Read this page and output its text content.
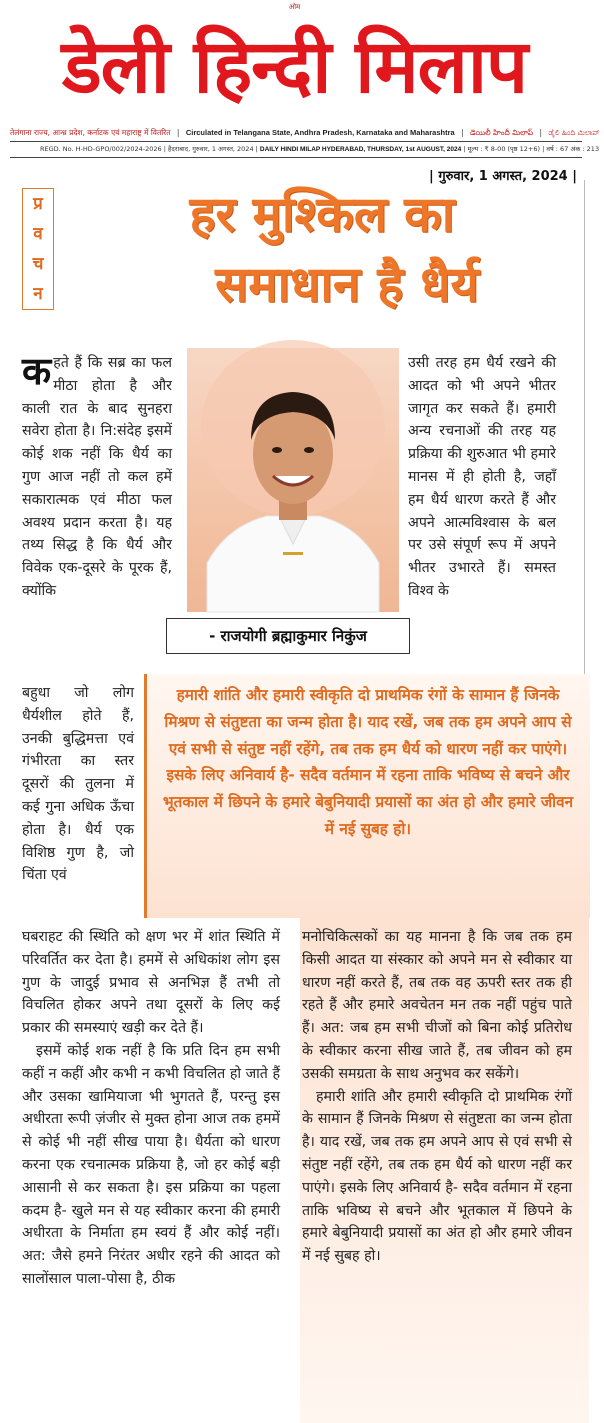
ओम
डेली हिन्दी मिलाप
तेलंगाना राज्य, आन्ध्र प्रदेश, कर्नाटक एवं महाराष्ट्र में वितरित | Circulated in Telangana State, Andhra Pradesh, Karnataka and Maharashtra | డెయిలీ హిందీ మిలాప్ | ಡೈಲಿ ಹಿಂದಿ ಮಿಲಾಪ್
REGD. No. H-HD-GPO/002/2024-2026 | हैदराबाद, गुरुवार, 1 अगस्त, 2024 | DAILY HINDI MILAP HYDERABAD, THURSDAY, 1st AUGUST, 2024 | मूल्य : ₹ 8-00 (पृष्ठ 12+6) | वर्ष : 67 अंक : 213
| गुरुवार, 1 अगस्त, 2024 |
प्र
व
च
न
हर मुश्किल का
समाधान है धैर्य

कहते हैं कि सब्र का फल मीठा होता है और काली रात के बाद सुनहरा सवेरा होता है। नि:संदेह इसमें कोई शक नहीं कि धैर्य का गुण आज नहीं तो कल हमें सकारात्मक एवं मीठा फल अवश्य प्रदान करता है। यह तथ्य सिद्ध है कि धैर्य और विवेक एक-दूसरे के पूरक हैं, क्योंकि

बहुधा जो लोग धैर्यशील होते हैं, उनकी बुद्धिमत्ता एवं गंभीरता का स्तर दूसरों की तुलना में कई गुना अधिक ऊँचा होता है। धैर्य एक विशिष्ठ गुण है, जो चिंता एवं

- राजयोगी ब्रह्माकुमार निकुंज

उसी तरह हम धैर्य रखने की आदत को भी अपने भीतर जागृत कर सकते हैं। हमारी अन्य रचनाओं की तरह यह प्रक्रिया की शुरुआत भी हमारे मानस में ही होती है, जहाँ हम धैर्य धारण करते हैं और अपने आत्मविश्वास के बल पर उसे संपूर्ण रूप में अपने भीतर उभारते हैं। समस्त विश्व के

हमारी शांति और हमारी स्वीकृति दो प्राथमिक रंगों के सामान हैं जिनके मिश्रण से संतुष्टता का जन्म होता है। याद रखें, जब तक हम अपने आप से एवं सभी से संतुष्ट नहीं रहेंगे, तब तक हम धैर्य को धारण नहीं कर पाएंगे। इसके लिए अनिवार्य है- सदैव वर्तमान में रहना ताकि भविष्य से बचने और भूतकाल में छिपने के हमारे बेबुनियादी प्रयासों का अंत हो और हमारे जीवन में नई सुबह हो।

घबराहट की स्थिति को क्षण भर में शांत स्थिति में परिवर्तित कर देता है। हममें से अधिकांश लोग इस गुण के जादुई प्रभाव से अनभिज्ञ हैं तभी तो विचलित होकर अपने तथा दूसरों के लिए कई प्रकार की समस्याएं खड़ी कर देते हैं।

इसमें कोई शक नहीं है कि प्रति दिन हम सभी कहीं न कहीं और कभी न कभी विचलित हो जाते हैं और उसका खामियाजा भी भुगतते हैं, परन्तु इस अधीरता रूपी ज़ंजीर से मुक्त होना आज तक हममें से कोई भी नहीं सीख पाया है। धैर्यता को धारण करना एक रचनात्मक प्रक्रिया है, जो हर कोई बड़ी आसानी से कर सकता है। इस प्रक्रिया का पहला कदम है- खुले मन से यह स्वीकार करना की हमारी अधीरता के निर्माता हम स्वयं हैं और कोई नहीं। अत: जैसे हमने निरंतर अधीर रहने की आदत को सालोंसाल पाला-पोसा है, ठीक

मनोचिकित्सकों का यह मानना है कि जब तक हम किसी आदत या संस्कार को अपने मन से स्वीकार या धारण नहीं करते हैं, तब तक वह ऊपरी स्तर तक ही रहते हैं और हमारे अवचेतन मन तक नहीं पहुंच पाते हैं। अत: जब हम सभी चीजों को बिना कोई प्रतिरोध के स्वीकार करना सीख जाते हैं, तब जीवन को हम उसकी समग्रता के साथ अनुभव कर सकेंगे।

हमारी शांति और हमारी स्वीकृति दो प्राथमिक रंगों के सामान हैं जिनके मिश्रण से संतुष्टता का जन्म होता है। याद रखें, जब तक हम अपने आप से एवं सभी से संतुष्ट नहीं रहेंगे, तब तक हम धैर्य को धारण नहीं कर पाएंगे। इसके लिए अनिवार्य है- सदैव वर्तमान में रहना ताकि भविष्य से बचने और भूतकाल में छिपने के हमारे बेबुनियादी प्रयासों का अंत हो और हमारे जीवन में नई सुबह हो।
